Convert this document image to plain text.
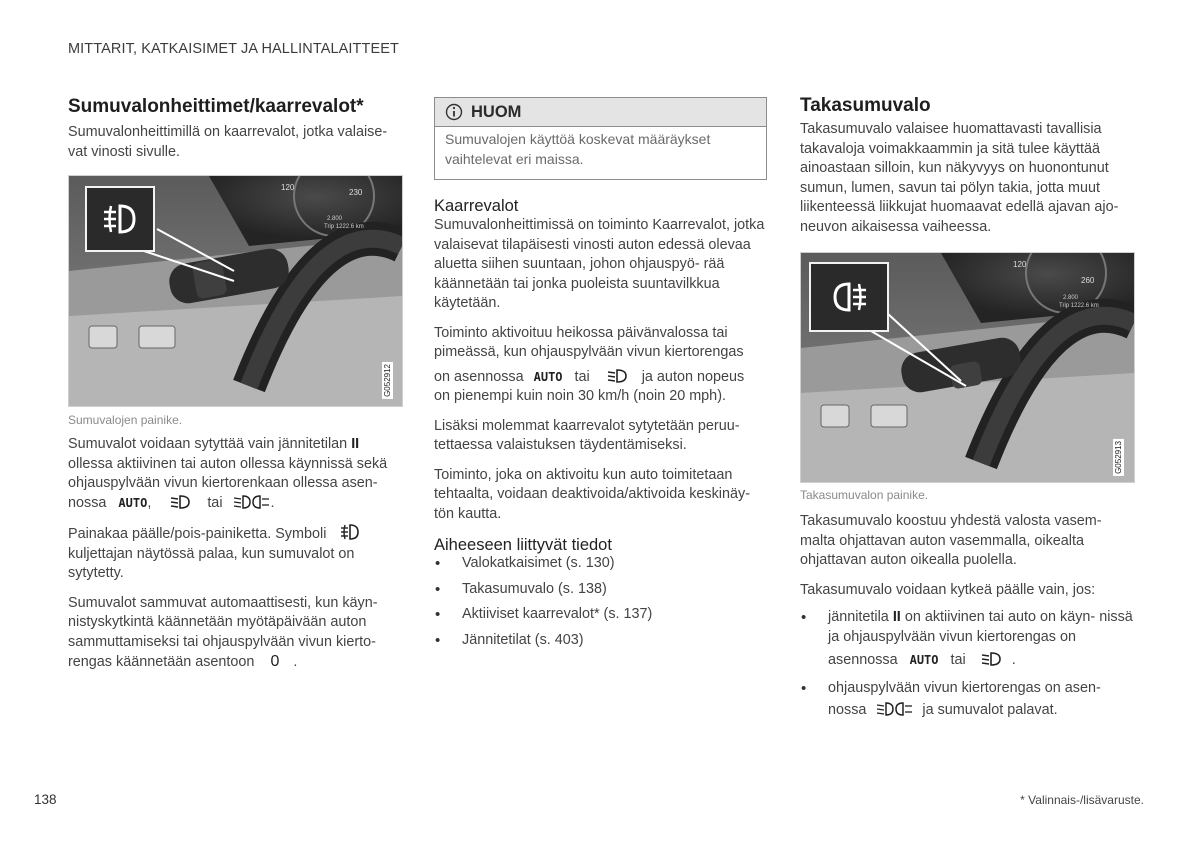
MITTARIT, KATKAISIMET JA HALLINTALAITTEET
Sumuvalonheittimet/kaarrevalot*

Sumuvalonheittimillä on kaarrevalot, jotka valaise- vat vinosti sivulle.

120
230
2.800
Trip 1222.6 km
G052912
Sumuvalojen painike.

Sumuvalot voidaan sytyttää vain jännitetilan II ollessa aktiivinen tai auton ollessa käynnissä sekä ohjauspylvään vivun kiertorenkaan ollessa asen-
nossa AUTO,	tai	.

Painakaa päälle/pois-painiketta. Symboli
kuljettajan näytössä palaa, kun sumuvalot on sytytetty.

Sumuvalot sammuvat automaattisesti, kun käyn- nistyskytkintä käännetään myötäpäivään auton sammuttamiseksi tai ohjauspylvään vivun kierto-
rengas käännetään asentoon 0 .

HUOM

Sumuvalojen käyttöä koskevat määräykset vaihtelevat eri maissa.

Kaarrevalot

Sumuvalonheittimissä on toiminto Kaarrevalot, jotka valaisevat tilapäisesti vinosti auton edessä olevaa aluetta siihen suuntaan, johon ohjauspyö- rää käännetään tai jonka puoleista suuntavilkkua käytetään.

Toiminto aktivoituu heikossa päivänvalossa tai pimeässä, kun ohjauspylvään vivun kiertorengas
on asennossa AUTO tai	ja auton nopeus
on pienempi kuin noin 30 km/h (noin 20 mph).

Lisäksi molemmat kaarrevalot sytytetään peruu- tettaessa valaistuksen täydentämiseksi.

Toiminto, joka on aktivoitu kun auto toimitetaan tehtaalta, voidaan deaktivoida/aktivoida keskinäy- tön kautta.

Aiheeseen liittyvät tiedot
• Valokatkaisimet (s. 130)
• Takasumuvalo (s. 138)
• Aktiiviset kaarrevalot* (s. 137)
• Jännitetilat (s. 403)
Takasumuvalo

Takasumuvalo valaisee huomattavasti tavallisia takavaloja voimakkaammin ja sitä tulee käyttää ainoastaan silloin, kun näkyvyys on huonontunut sumun, lumen, savun tai pölyn takia, jotta muut liikenteessä liikkujat huomaavat edellä ajavan ajo- neuvon aikaisessa vaiheessa.

120
260
2.800
Trip 1222.6 km
G052913
Takasumuvalon painike.

Takasumuvalo koostuu yhdestä valosta vasem- malta ohjattavan auton vasemmalla, oikealta ohjattavan auton oikealla puolella.

Takasumuvalo voidaan kytkeä päälle vain, jos:

• jännitetila II on aktiivinen tai auto on käyn- nissä ja ohjauspylvään vivun kiertorengas on
asennossa AUTO tai	.
• ohjauspylvään vivun kiertorengas on asen-
nossa	ja sumuvalot palavat.
138	* Valinnais-/lisävaruste.
